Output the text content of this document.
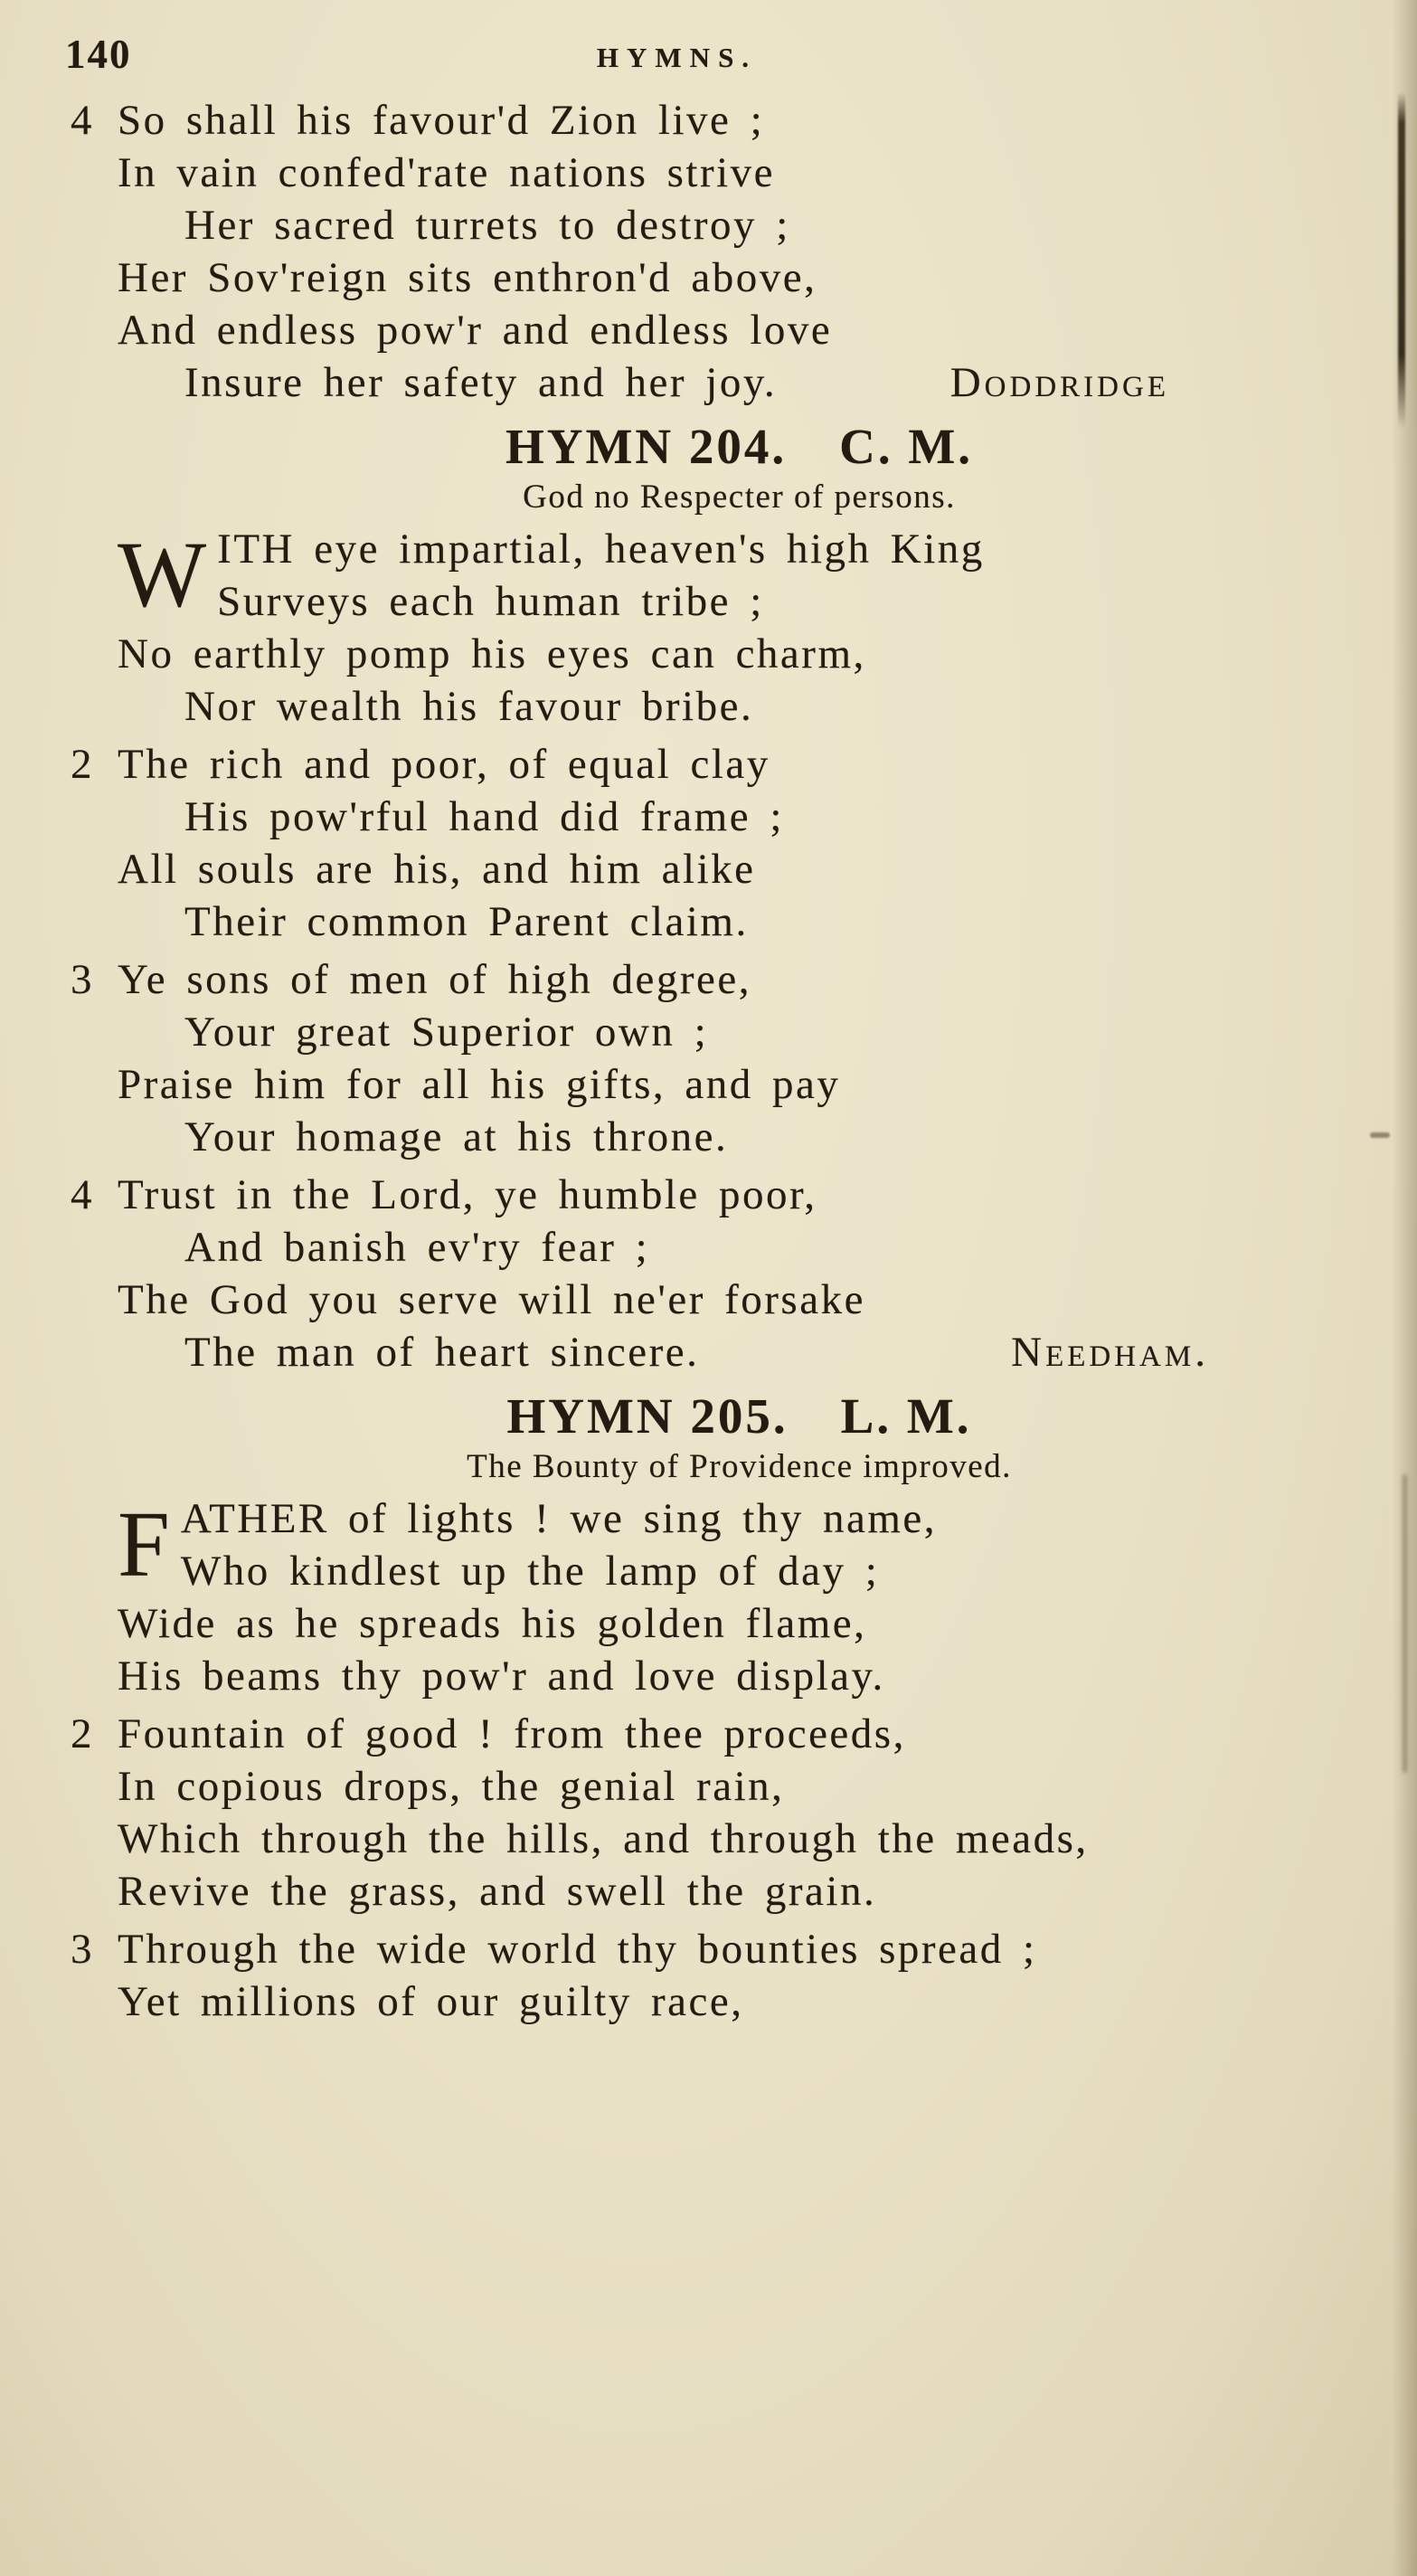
140	HYMNS.
4 So shall his favour'd Zion live ;
In vain confed'rate nations strive
Her sacred turrets to destroy ;
Her Sov'reign sits enthron'd above,
And endless pow'r and endless love
Insure her safety and her joy.	Doddridge
HYMN 204. C. M.
God no Respecter of persons.
W ITH eye impartial, heaven's high King
Surveys each human tribe ;
No earthly pomp his eyes can charm,
Nor wealth his favour bribe.
2 The rich and poor, of equal clay
His pow'rful hand did frame ;
All souls are his, and him alike
Their common Parent claim.
3 Ye sons of men of high degree,
Your great Superior own ;
Praise him for all his gifts, and pay
Your homage at his throne.
4 Trust in the Lord, ye humble poor,
And banish ev'ry fear ;
The God you serve will ne'er forsake
The man of heart sincere.	Needham.
HYMN 205. L. M.
The Bounty of Providence improved.
F ATHER of lights ! we sing thy name,
Who kindlest up the lamp of day ;
Wide as he spreads his golden flame,
His beams thy pow'r and love display.
2 Fountain of good ! from thee proceeds,
In copious drops, the genial rain,
Which through the hills, and through the meads,
Revive the grass, and swell the grain.
3 Through the wide world thy bounties spread ;
Yet millions of our guilty race,
